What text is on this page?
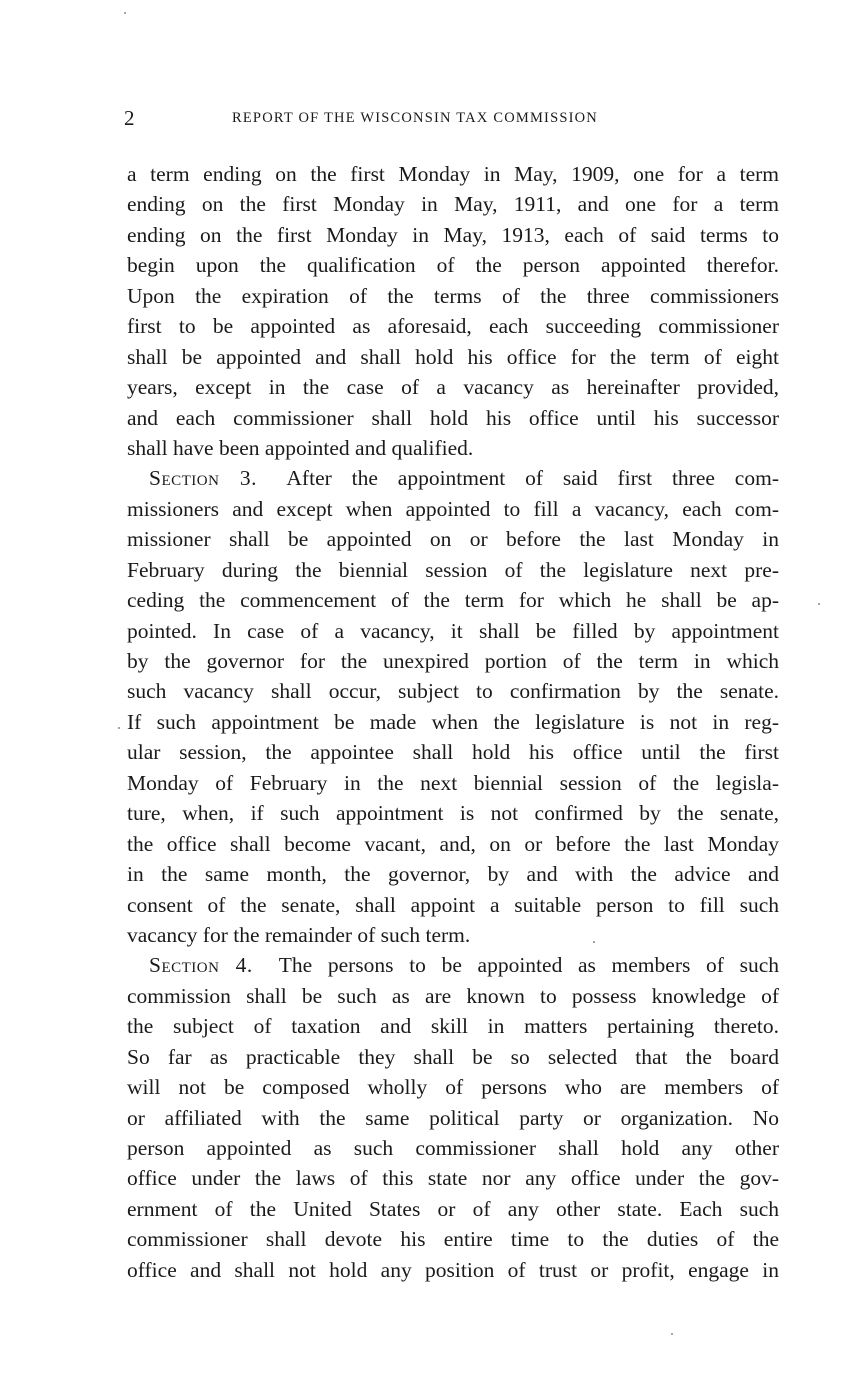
2	REPORT OF THE WISCONSIN TAX COMMISSION
a term ending on the first Monday in May, 1909, one for a term
ending on the first Monday in May, 1911, and one for a term
ending on the first Monday in May, 1913, each of said terms to
begin upon the qualification of the person appointed therefor.
Upon the expiration of the terms of the three commissioners
first to be appointed as aforesaid, each succeeding commissioner
shall be appointed and shall hold his office for the term of eight
years, except in the case of a vacancy as hereinafter provided,
and each commissioner shall hold his office until his successor
shall have been appointed and qualified.
Section 3.  After the appointment of said first three com-
missioners and except when appointed to fill a vacancy, each com-
missioner shall be appointed on or before the last Monday in
February during the biennial session of the legislature next pre-
ceding the commencement of the term for which he shall be ap-
pointed. In case of a vacancy, it shall be filled by appointment
by the governor for the unexpired portion of the term in which
such vacancy shall occur, subject to confirmation by the senate.
If such appointment be made when the legislature is not in reg-
ular session, the appointee shall hold his office until the first
Monday of February in the next biennial session of the legisla-
ture, when, if such appointment is not confirmed by the senate,
the office shall become vacant, and, on or before the last Monday
in the same month, the governor, by and with the advice and
consent of the senate, shall appoint a suitable person to fill such
vacancy for the remainder of such term.
Section 4.  The persons to be appointed as members of such
commission shall be such as are known to possess knowledge of
the subject of taxation and skill in matters pertaining thereto.
So far as practicable they shall be so selected that the board
will not be composed wholly of persons who are members of
or affiliated with the same political party or organization. No
person appointed as such commissioner shall hold any other
office under the laws of this state nor any office under the gov-
ernment of the United States or of any other state. Each such
commissioner shall devote his entire time to the duties of the
office and shall not hold any position of trust or profit, engage in
